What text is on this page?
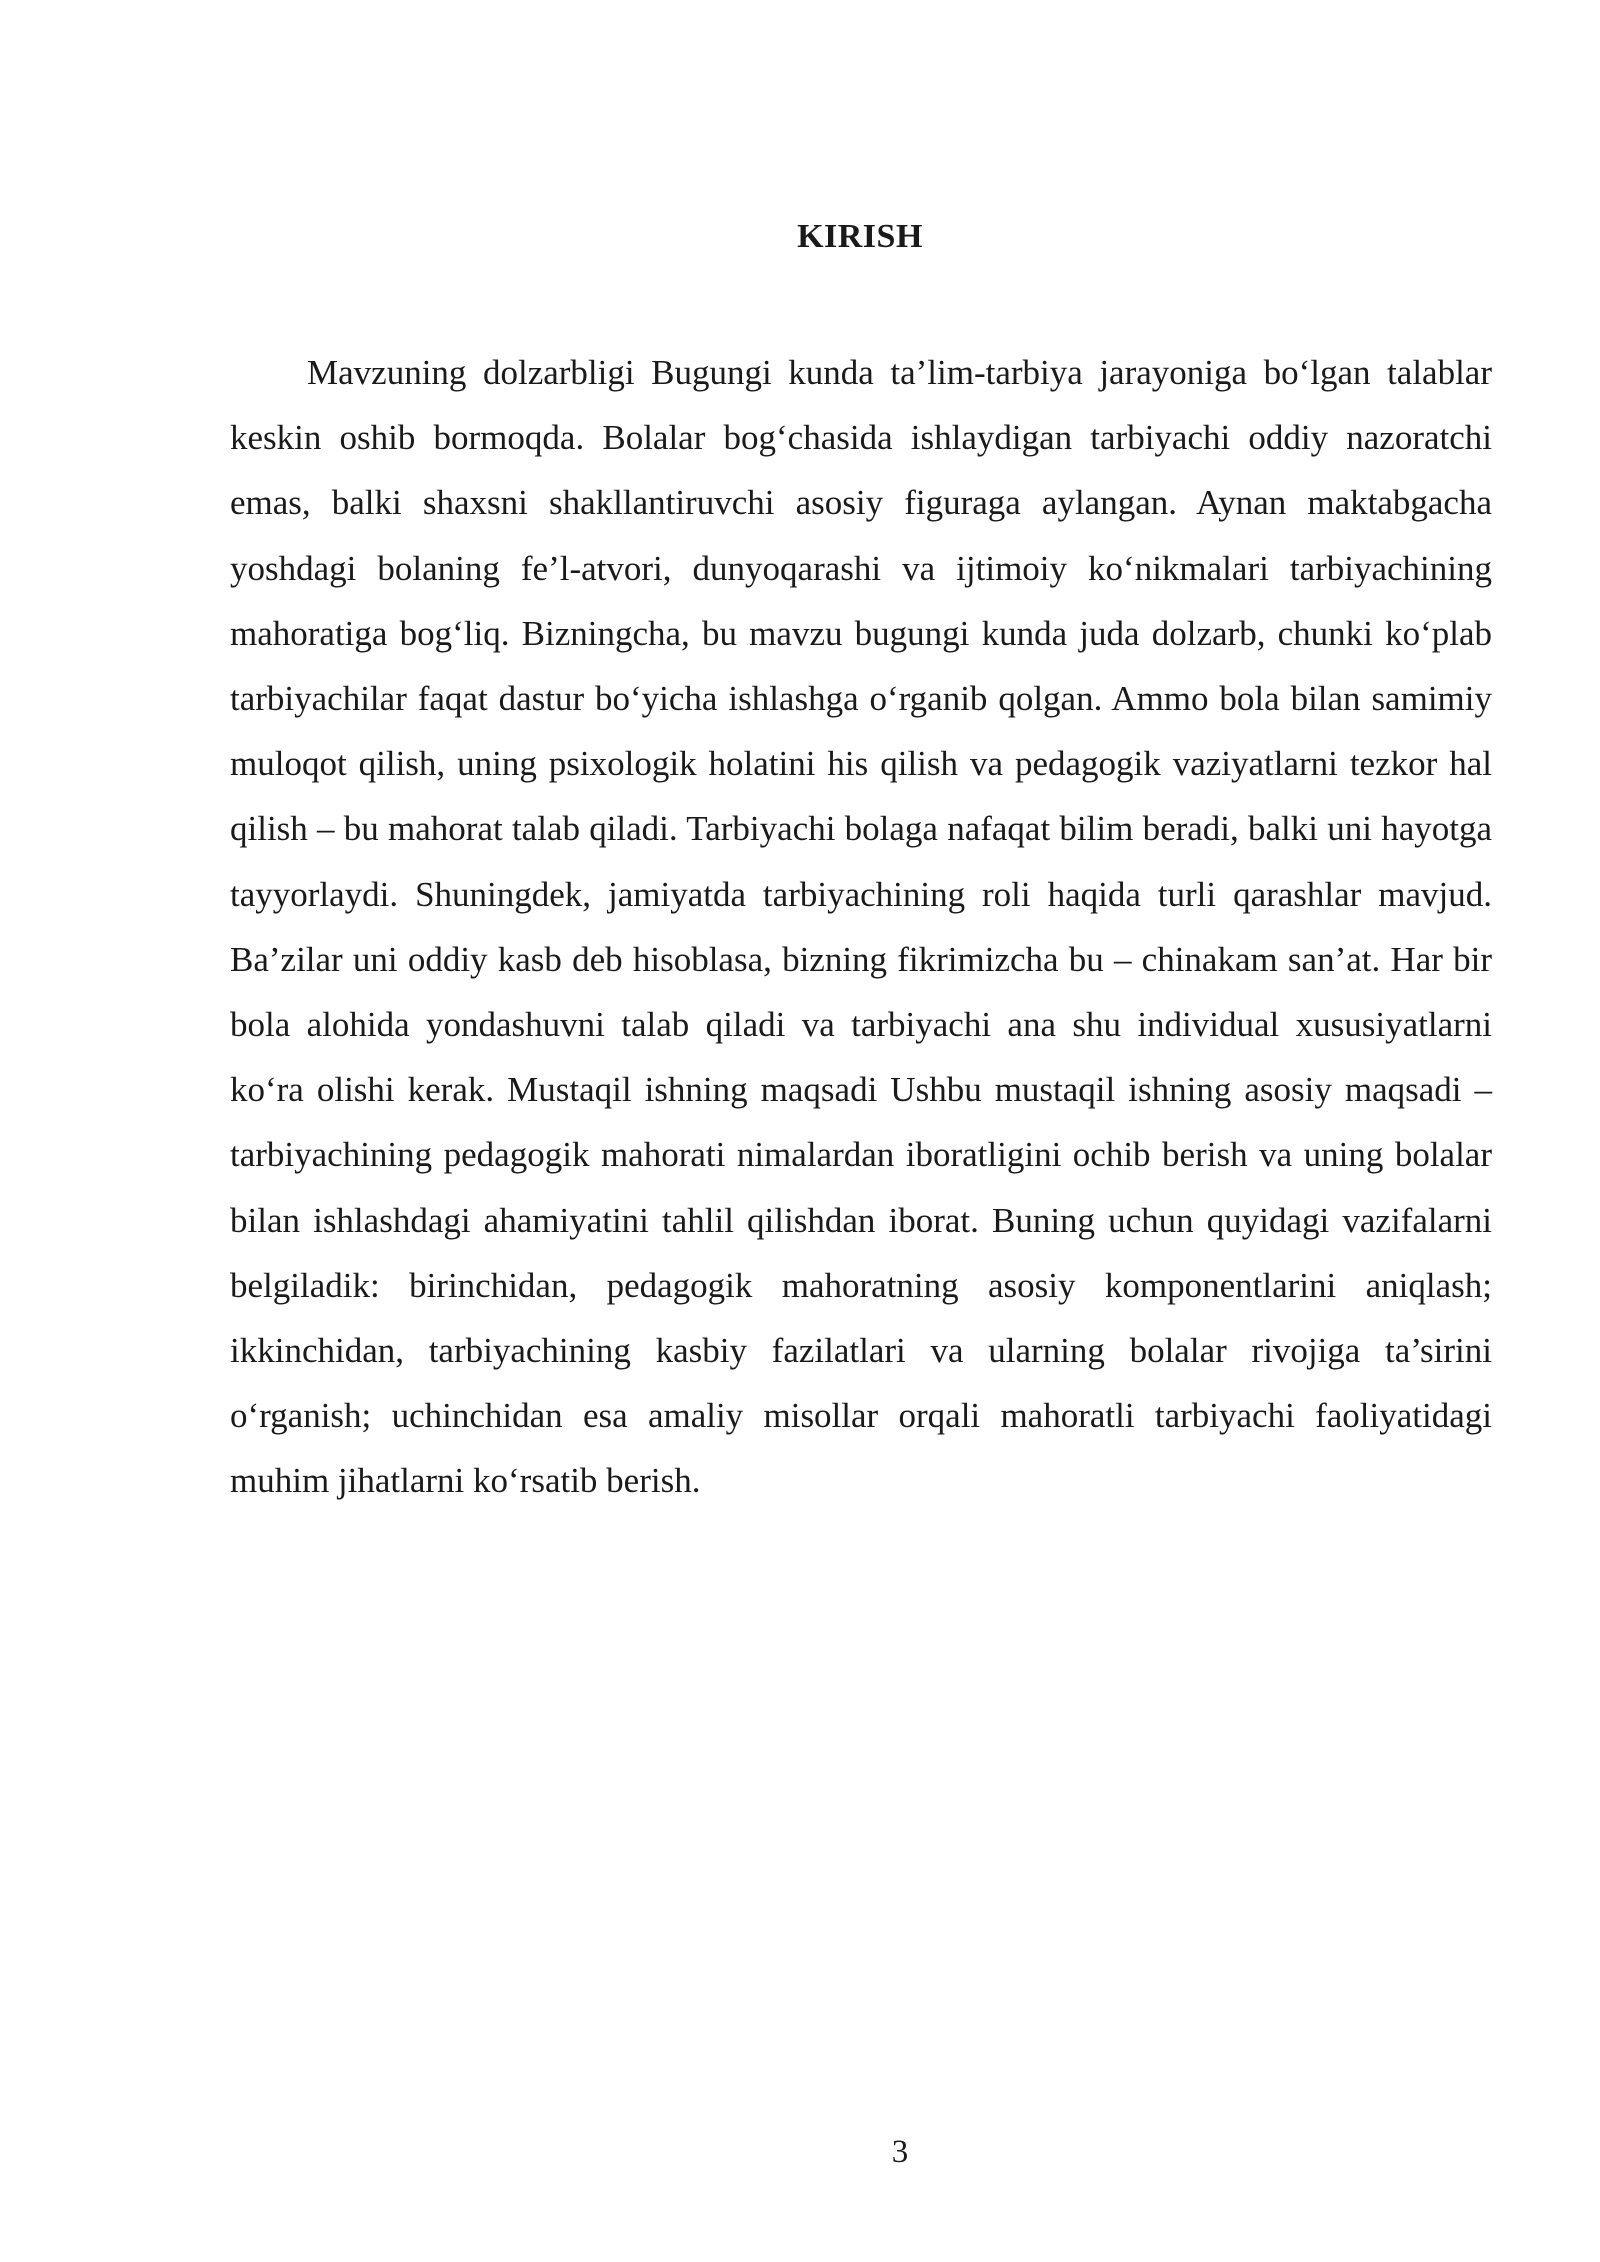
KIRISH

Mavzuning dolzarbligi Bugungi kunda ta’lim-tarbiya jarayoniga bo‘lgan talablar keskin oshib bormoqda. Bolalar bog‘chasida ishlaydigan tarbiyachi oddiy nazoratchi emas, balki shaxsni shakllantiruvchi asosiy figuraga aylangan. Aynan maktabgacha yoshdagi bolaning fe’l-atvori, dunyoqarashi va ijtimoiy ko‘nikmalari tarbiyachining mahoratiga bog‘liq. Bizningcha, bu mavzu bugungi kunda juda dolzarb, chunki ko‘plab tarbiyachilar faqat dastur bo‘yicha ishlashga o‘rganib qolgan. Ammo bola bilan samimiy muloqot qilish, uning psixologik holatini his qilish va pedagogik vaziyatlarni tezkor hal qilish – bu mahorat talab qiladi. Tarbiyachi bolaga nafaqat bilim beradi, balki uni hayotga tayyorlaydi. Shuningdek, jamiyatda tarbiyachining roli haqida turli qarashlar mavjud. Ba’zilar uni oddiy kasb deb hisoblasa, bizning fikrimizcha bu – chinakam san’at. Har bir bola alohida yondashuvni talab qiladi va tarbiyachi ana shu individual xususiyatlarni ko‘ra olishi kerak. Mustaqil ishning maqsadi Ushbu mustaqil ishning asosiy maqsadi – tarbiyachining pedagogik mahorati nimalardan iboratligini ochib berish va uning bolalar bilan ishlashdagi ahamiyatini tahlil qilishdan iborat. Buning uchun quyidagi vazifalarni belgiladik: birinchidan, pedagogik mahoratning asosiy komponentlarini aniqlash; ikkinchidan, tarbiyachining kasbiy fazilatlari va ularning bolalar rivojiga ta’sirini o‘rganish; uchinchidan esa amaliy misollar orqali mahoratli tarbiyachi faoliyatidagi muhim jihatlarni ko‘rsatib berish.

3
